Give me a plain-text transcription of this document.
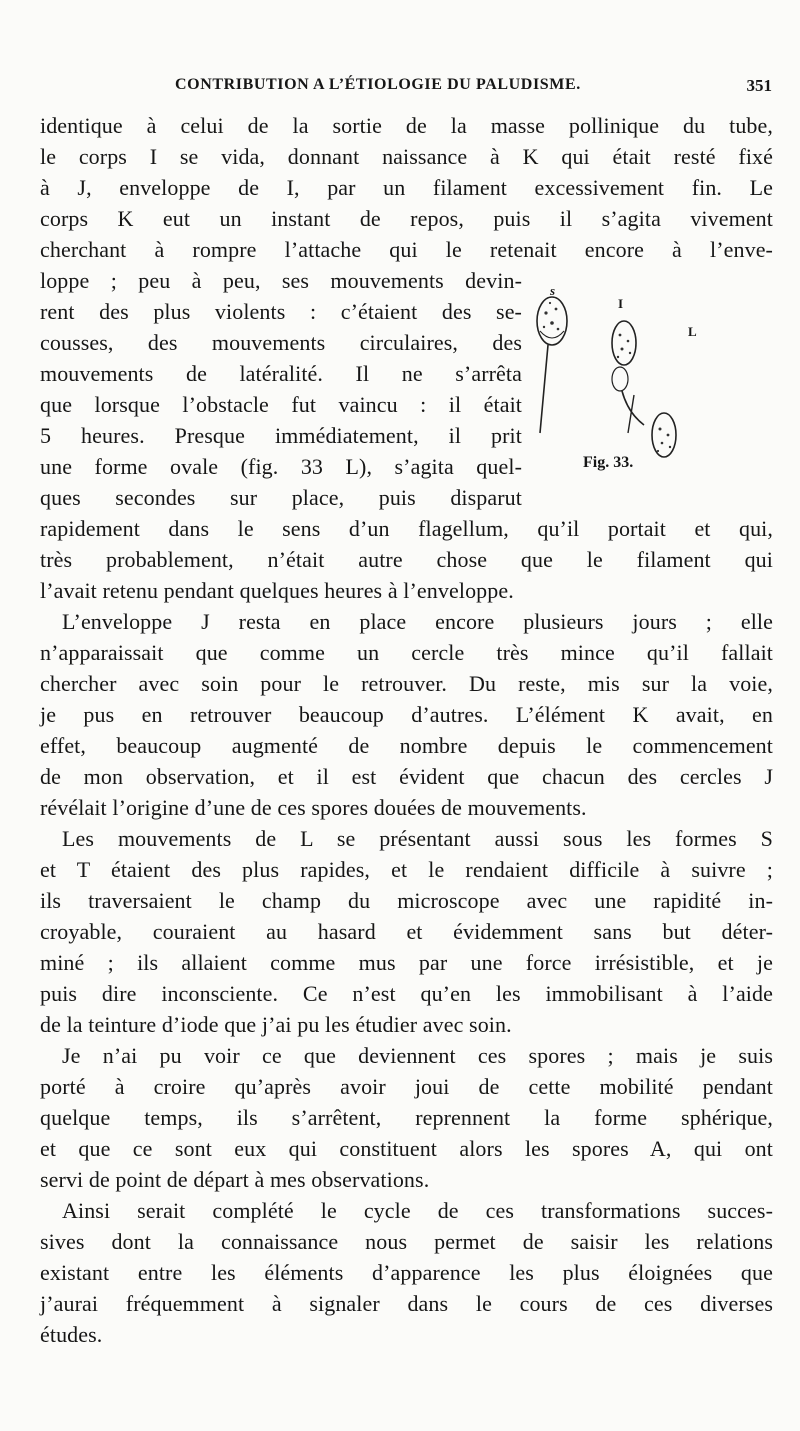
CONTRIBUTION A L’ÉTIOLOGIE DU PALUDISME.	351
identique à celui de la sortie de la masse pollinique du tube,
le corps I se vida, donnant naissance à K qui était resté fixé
à J, enveloppe de I, par un filament excessivement fin. Le
corps K eut un instant de repos, puis il s’agita vivement
cherchant à rompre l’attache qui le retenait encore à l’enve-
loppe ; peu à peu, ses mouvements devin-
rent des plus violents : c’étaient des se-
cousses, des mouvements circulaires, des
mouvements de latéralité. Il ne s’arrêta
que lorsque l’obstacle fut vaincu : il était
5 heures. Presque immédiatement, il prit
une forme ovale (fig. 33 L), s’agita quel-
ques secondes sur place, puis disparut
rapidement dans le sens d’un flagellum, qu’il portait et qui,
très probablement, n’était autre chose que le filament qui
l’avait retenu pendant quelques heures à l’enveloppe.
L’enveloppe J resta en place encore plusieurs jours ; elle
n’apparaissait que comme un cercle très mince qu’il fallait
chercher avec soin pour le retrouver. Du reste, mis sur la voie,
je pus en retrouver beaucoup d’autres. L’élément K avait, en
effet, beaucoup augmenté de nombre depuis le commencement
de mon observation, et il est évident que chacun des cercles J
révélait l’origine d’une de ces spores douées de mouvements.
Les mouvements de L se présentant aussi sous les formes S
et T étaient des plus rapides, et le rendaient difficile à suivre ;
ils traversaient le champ du microscope avec une rapidité in-
croyable, couraient au hasard et évidemment sans but déter-
miné ; ils allaient comme mus par une force irrésistible, et je
puis dire inconsciente. Ce n’est qu’en les immobilisant à l’aide
de la teinture d’iode que j’ai pu les étudier avec soin.
Je n’ai pu voir ce que deviennent ces spores ; mais je suis
porté à croire qu’après avoir joui de cette mobilité pendant
quelque temps, ils s’arrêtent, reprennent la forme sphérique,
et que ce sont eux qui constituent alors les spores A, qui ont
servi de point de départ à mes observations.
Ainsi serait complété le cycle de ces transformations succes-
sives dont la connaissance nous permet de saisir les relations
existant entre les éléments d’apparence les plus éloignées que
j’aurai fréquemment à signaler dans le cours de ces diverses
études.
s
I
L
Fig. 33.
